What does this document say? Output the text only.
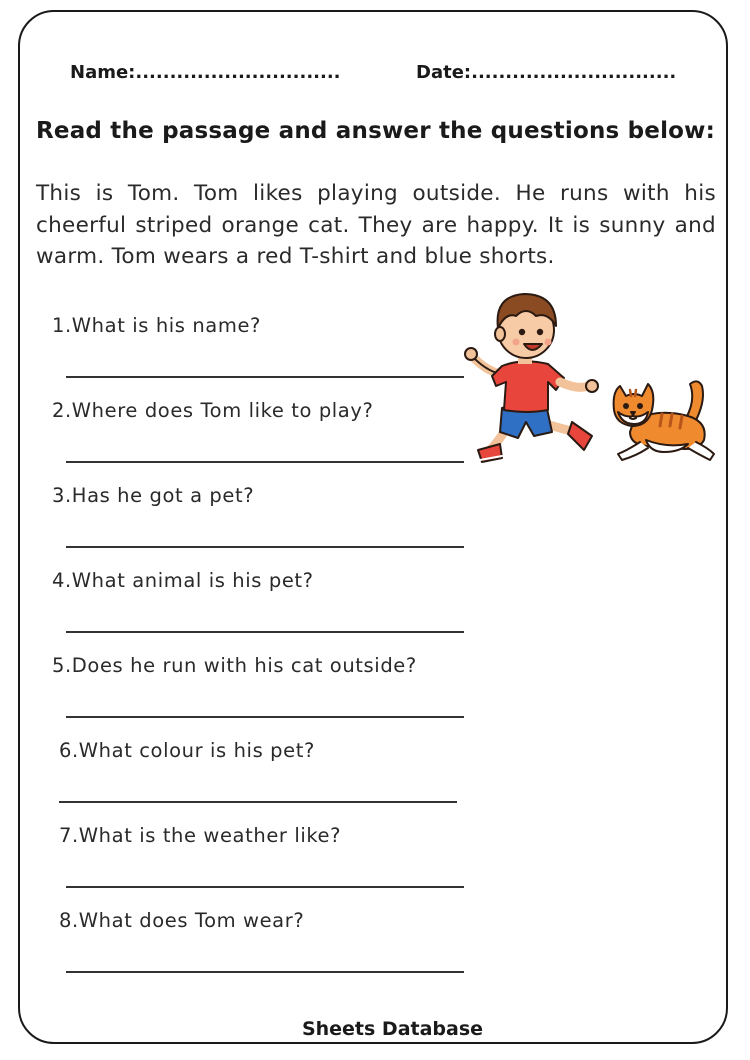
Name:..............................	Date:..............................
Read the passage and answer the questions below:
This is Tom. Tom likes playing outside. He runs with his cheerful striped orange cat. They are happy. It is sunny and warm. Tom wears a red T-shirt and blue shorts.
1.What is his name?
2.Where does Tom like to play?
3.Has he got a pet?
4.What animal is his pet?
5.Does he run with his cat outside?
6.What colour is his pet?
7.What is the weather like?
8.What does Tom wear?
Sheets Database
